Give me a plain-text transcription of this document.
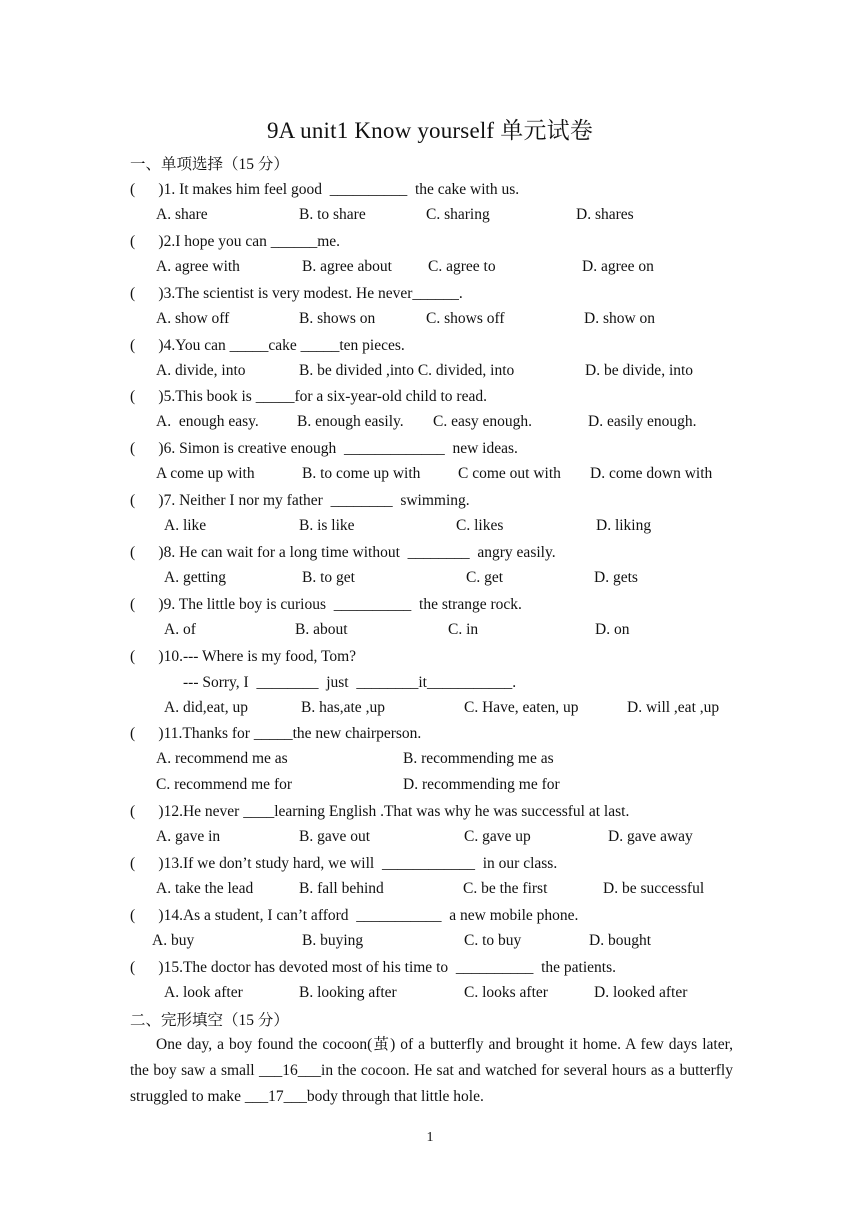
9A unit1 Know yourself 单元试卷
一、单项选择（15 分）
(      )1. It makes him feel good  __________  the cake with us.
A. share	B. to share	C. sharing	D. shares
(      )2.I hope you can ______me.
A. agree with	B. agree about C. agree to	D. agree on
(      )3.The scientist is very modest. He never______.
A. show off	B. shows on	C. shows off	D. show on
(      )4.You can _____cake _____ten pieces.
A. divide, into	B. be divided ,into C. divided, into	D. be divide, into
(      )5.This book is _____for a six-year-old child to read.
A.  enough easy. B. enough easily. C. easy enough.	D. easily enough.
(      )6. Simon is creative enough  _____________  new ideas.
A come up with	B. to come up with C come out with D. come down with
(      )7. Neither I nor my father  ________  swimming.
A. like	B. is like	C. likes	D. liking
(      )8. He can wait for a long time without  ________  angry easily.
A. getting	B. to get	C. get	D. gets
(      )9. The little boy is curious  __________  the strange rock.
A. of	B. about	C. in	D. on
(      )10.--- Where is my food, Tom?
--- Sorry, I  ________  just  ________it___________.
A. did,eat, up	B. has,ate ,up	C. Have, eaten, up	D. will ,eat ,up
(      )11.Thanks for _____the new chairperson.
A. recommend me as	B. recommending me as
C. recommend me for	D. recommending me for
(      )12.He never ____learning English .That was why he was successful at last.
A. gave in	B. gave out	C. gave up	D. gave away
(      )13.If we don’t study hard, we will  ____________  in our class.
A. take the lead	B. fall behind	C. be the first	D. be successful
(      )14.As a student, I can’t afford  ___________  a new mobile phone.
A. buy	B. buying	C. to buy	D. bought
(      )15.The doctor has devoted most of his time to  __________  the patients.
A. look after	B. looking after	C. looks after	D. looked after
二、完形填空（15 分）
One day, a boy found the cocoon(茧) of a butterfly and brought it home. A few days later, the boy saw a small ___16___in the cocoon. He sat and watched for several hours as a butterfly struggled to make ___17___body through that little hole.
1
